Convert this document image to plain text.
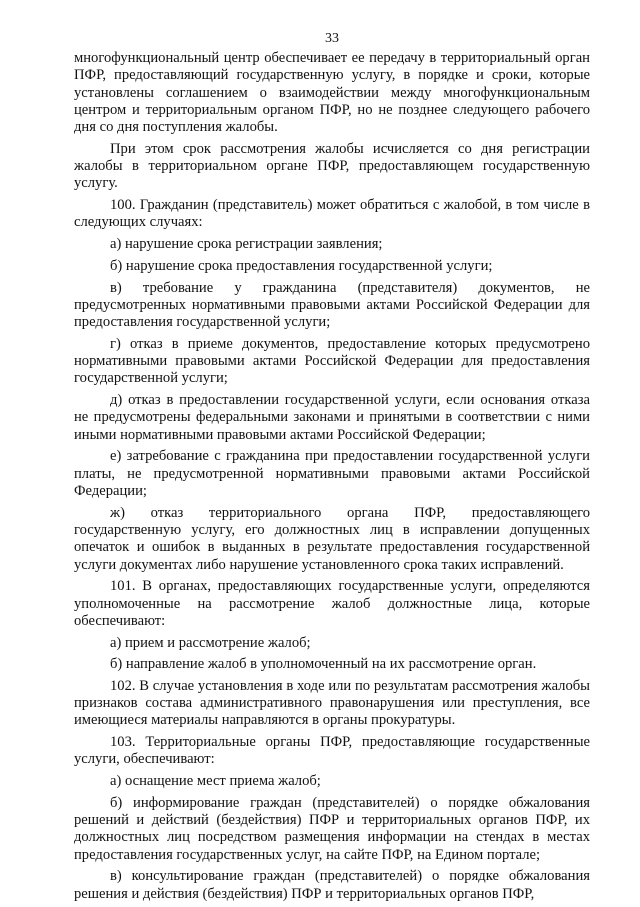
33

многофункциональный центр обеспечивает ее передачу в территориальный орган ПФР, предоставляющий государственную услугу, в порядке и сроки, которые установлены соглашением о взаимодействии между многофункциональным центром и территориальным органом ПФР, но не позднее следующего рабочего дня со дня поступления жалобы.

При этом срок рассмотрения жалобы исчисляется со дня регистрации жалобы в территориальном органе ПФР, предоставляющем государственную услугу.

100. Гражданин (представитель) может обратиться с жалобой, в том числе в следующих случаях:

а) нарушение срока регистрации заявления;

б) нарушение срока предоставления государственной услуги;

в) требование у гражданина (представителя) документов, не предусмотренных нормативными правовыми актами Российской Федерации для предоставления государственной услуги;

г) отказ в приеме документов, предоставление которых предусмотрено нормативными правовыми актами Российской Федерации для предоставления государственной услуги;

д) отказ в предоставлении государственной услуги, если основания отказа не предусмотрены федеральными законами и принятыми в соответствии с ними иными нормативными правовыми актами Российской Федерации;

е) затребование с гражданина при предоставлении государственной услуги платы, не предусмотренной нормативными правовыми актами Российской Федерации;

ж) отказ территориального органа ПФР, предоставляющего государственную услугу, его должностных лиц в исправлении допущенных опечаток и ошибок в выданных в результате предоставления государственной услуги документах либо нарушение установленного срока таких исправлений.

101. В органах, предоставляющих государственные услуги, определяются уполномоченные на рассмотрение жалоб должностные лица, которые обеспечивают:

а) прием и рассмотрение жалоб;

б) направление жалоб в уполномоченный на их рассмотрение орган.

102. В случае установления в ходе или по результатам рассмотрения жалобы признаков состава административного правонарушения или преступления, все имеющиеся материалы направляются в органы прокуратуры.

103. Территориальные органы ПФР, предоставляющие государственные услуги, обеспечивают:

а) оснащение мест приема жалоб;

б) информирование граждан (представителей) о порядке обжалования решений и действий (бездействия) ПФР и территориальных органов ПФР, их должностных лиц посредством размещения информации на стендах в местах предоставления государственных услуг, на сайте ПФР, на Едином портале;

в) консультирование граждан (представителей) о порядке обжалования решения и действия (бездействия) ПФР и территориальных органов ПФР,
